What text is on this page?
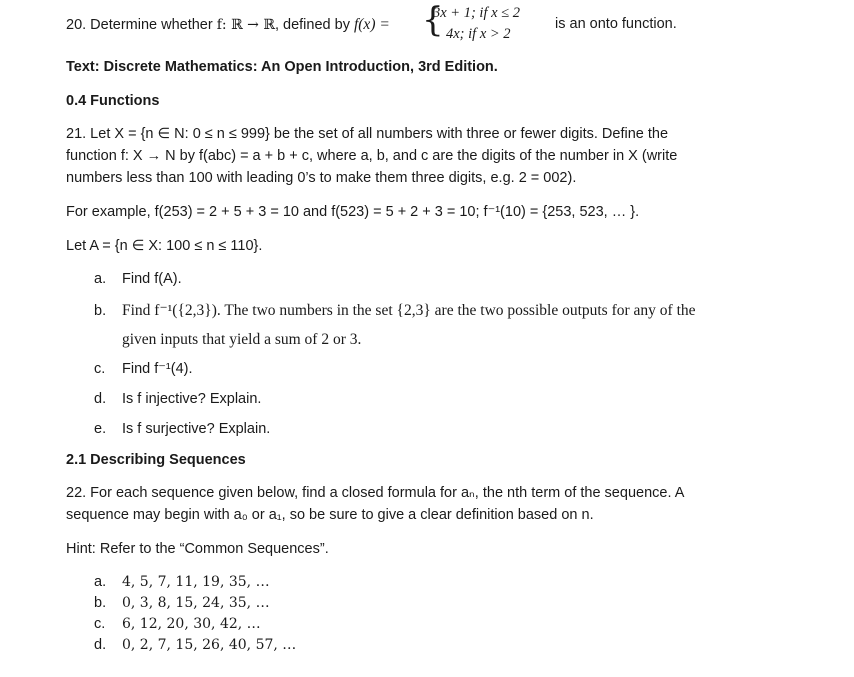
20. Determine whether f: ℝ → ℝ, defined by f(x) = {
3x + 1; if x ≤ 2
4x; if x > 2
is an onto function.
Text: Discrete Mathematics: An Open Introduction, 3rd Edition.
0.4 Functions
21. Let X = {n ∈ N: 0 ≤ n ≤ 999} be the set of all numbers with three or fewer digits. Define the
function f: X → N by f(abc) = a + b + c, where a, b, and c are the digits of the number in X (write
numbers less than 100 with leading 0’s to make them three digits, e.g. 2 = 002).
For example, f(253) = 2 + 5 + 3 = 10 and f(523) = 5 + 2 + 3 = 10; f⁻¹(10) = {253, 523, … }.
Let A = {n ∈ X: 100 ≤ n ≤ 110}.
a. Find f(A).
b. Find f⁻¹({2,3}). The two numbers in the set {2,3} are the two possible outputs for any of the
given inputs that yield a sum of 2 or 3.
c. Find f⁻¹(4).
d. Is f injective? Explain.
e. Is f surjective? Explain.
2.1 Describing Sequences
22. For each sequence given below, find a closed formula for aₙ, the nth term of the sequence. A
sequence may begin with a₀ or a₁, so be sure to give a clear definition based on n.
Hint: Refer to the “Common Sequences”.
a. 4, 5, 7, 11, 19, 35, …
b. 0, 3, 8, 15, 24, 35, …
c. 6, 12, 20, 30, 42, …
d. 0, 2, 7, 15, 26, 40, 57, …
